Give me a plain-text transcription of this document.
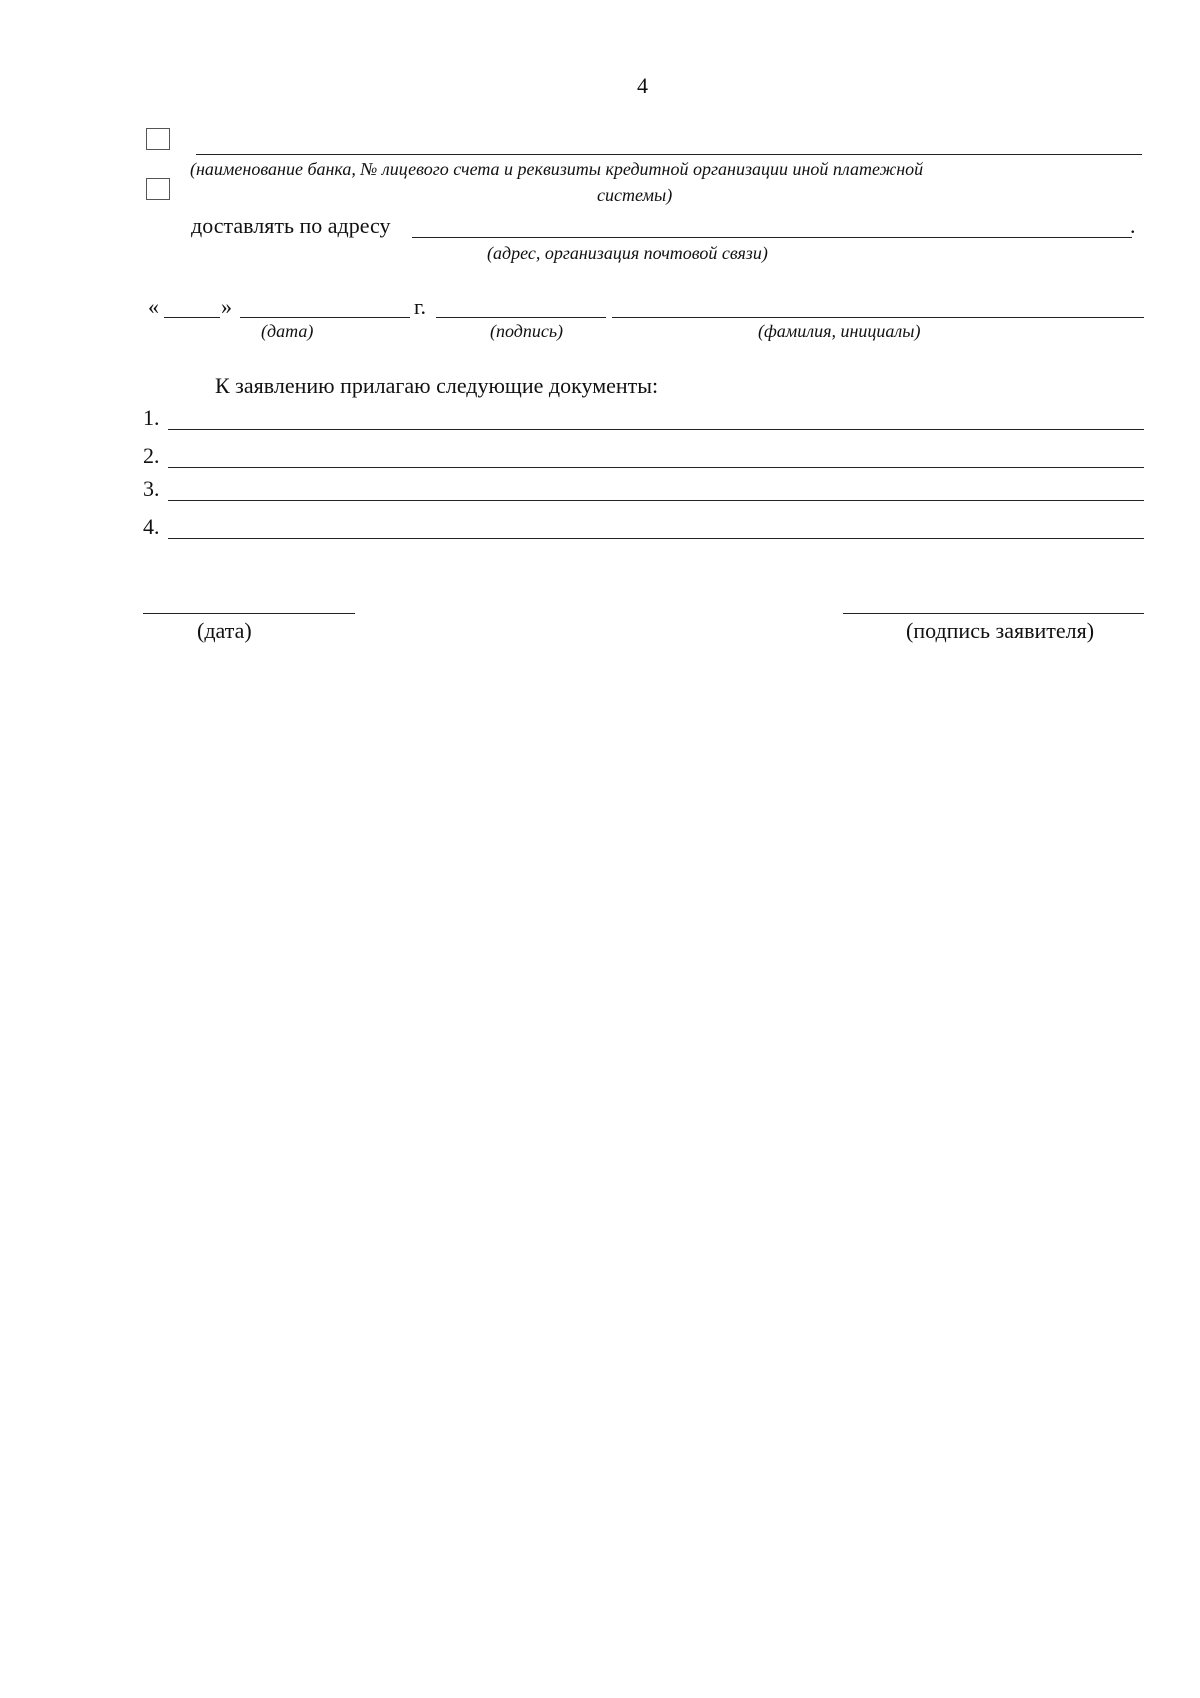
4
(наименование банка, № лицевого счета и реквизиты кредитной организации иной платежной
системы)
доставлять по адресу	.
(адрес, организация почтовой связи)
«	»	г.
(дата)	(подпись)	(фамилия, инициалы)
К заявлению прилагаю следующие документы:
1.
2.
3.
4.
(дата)	(подпись заявителя)
